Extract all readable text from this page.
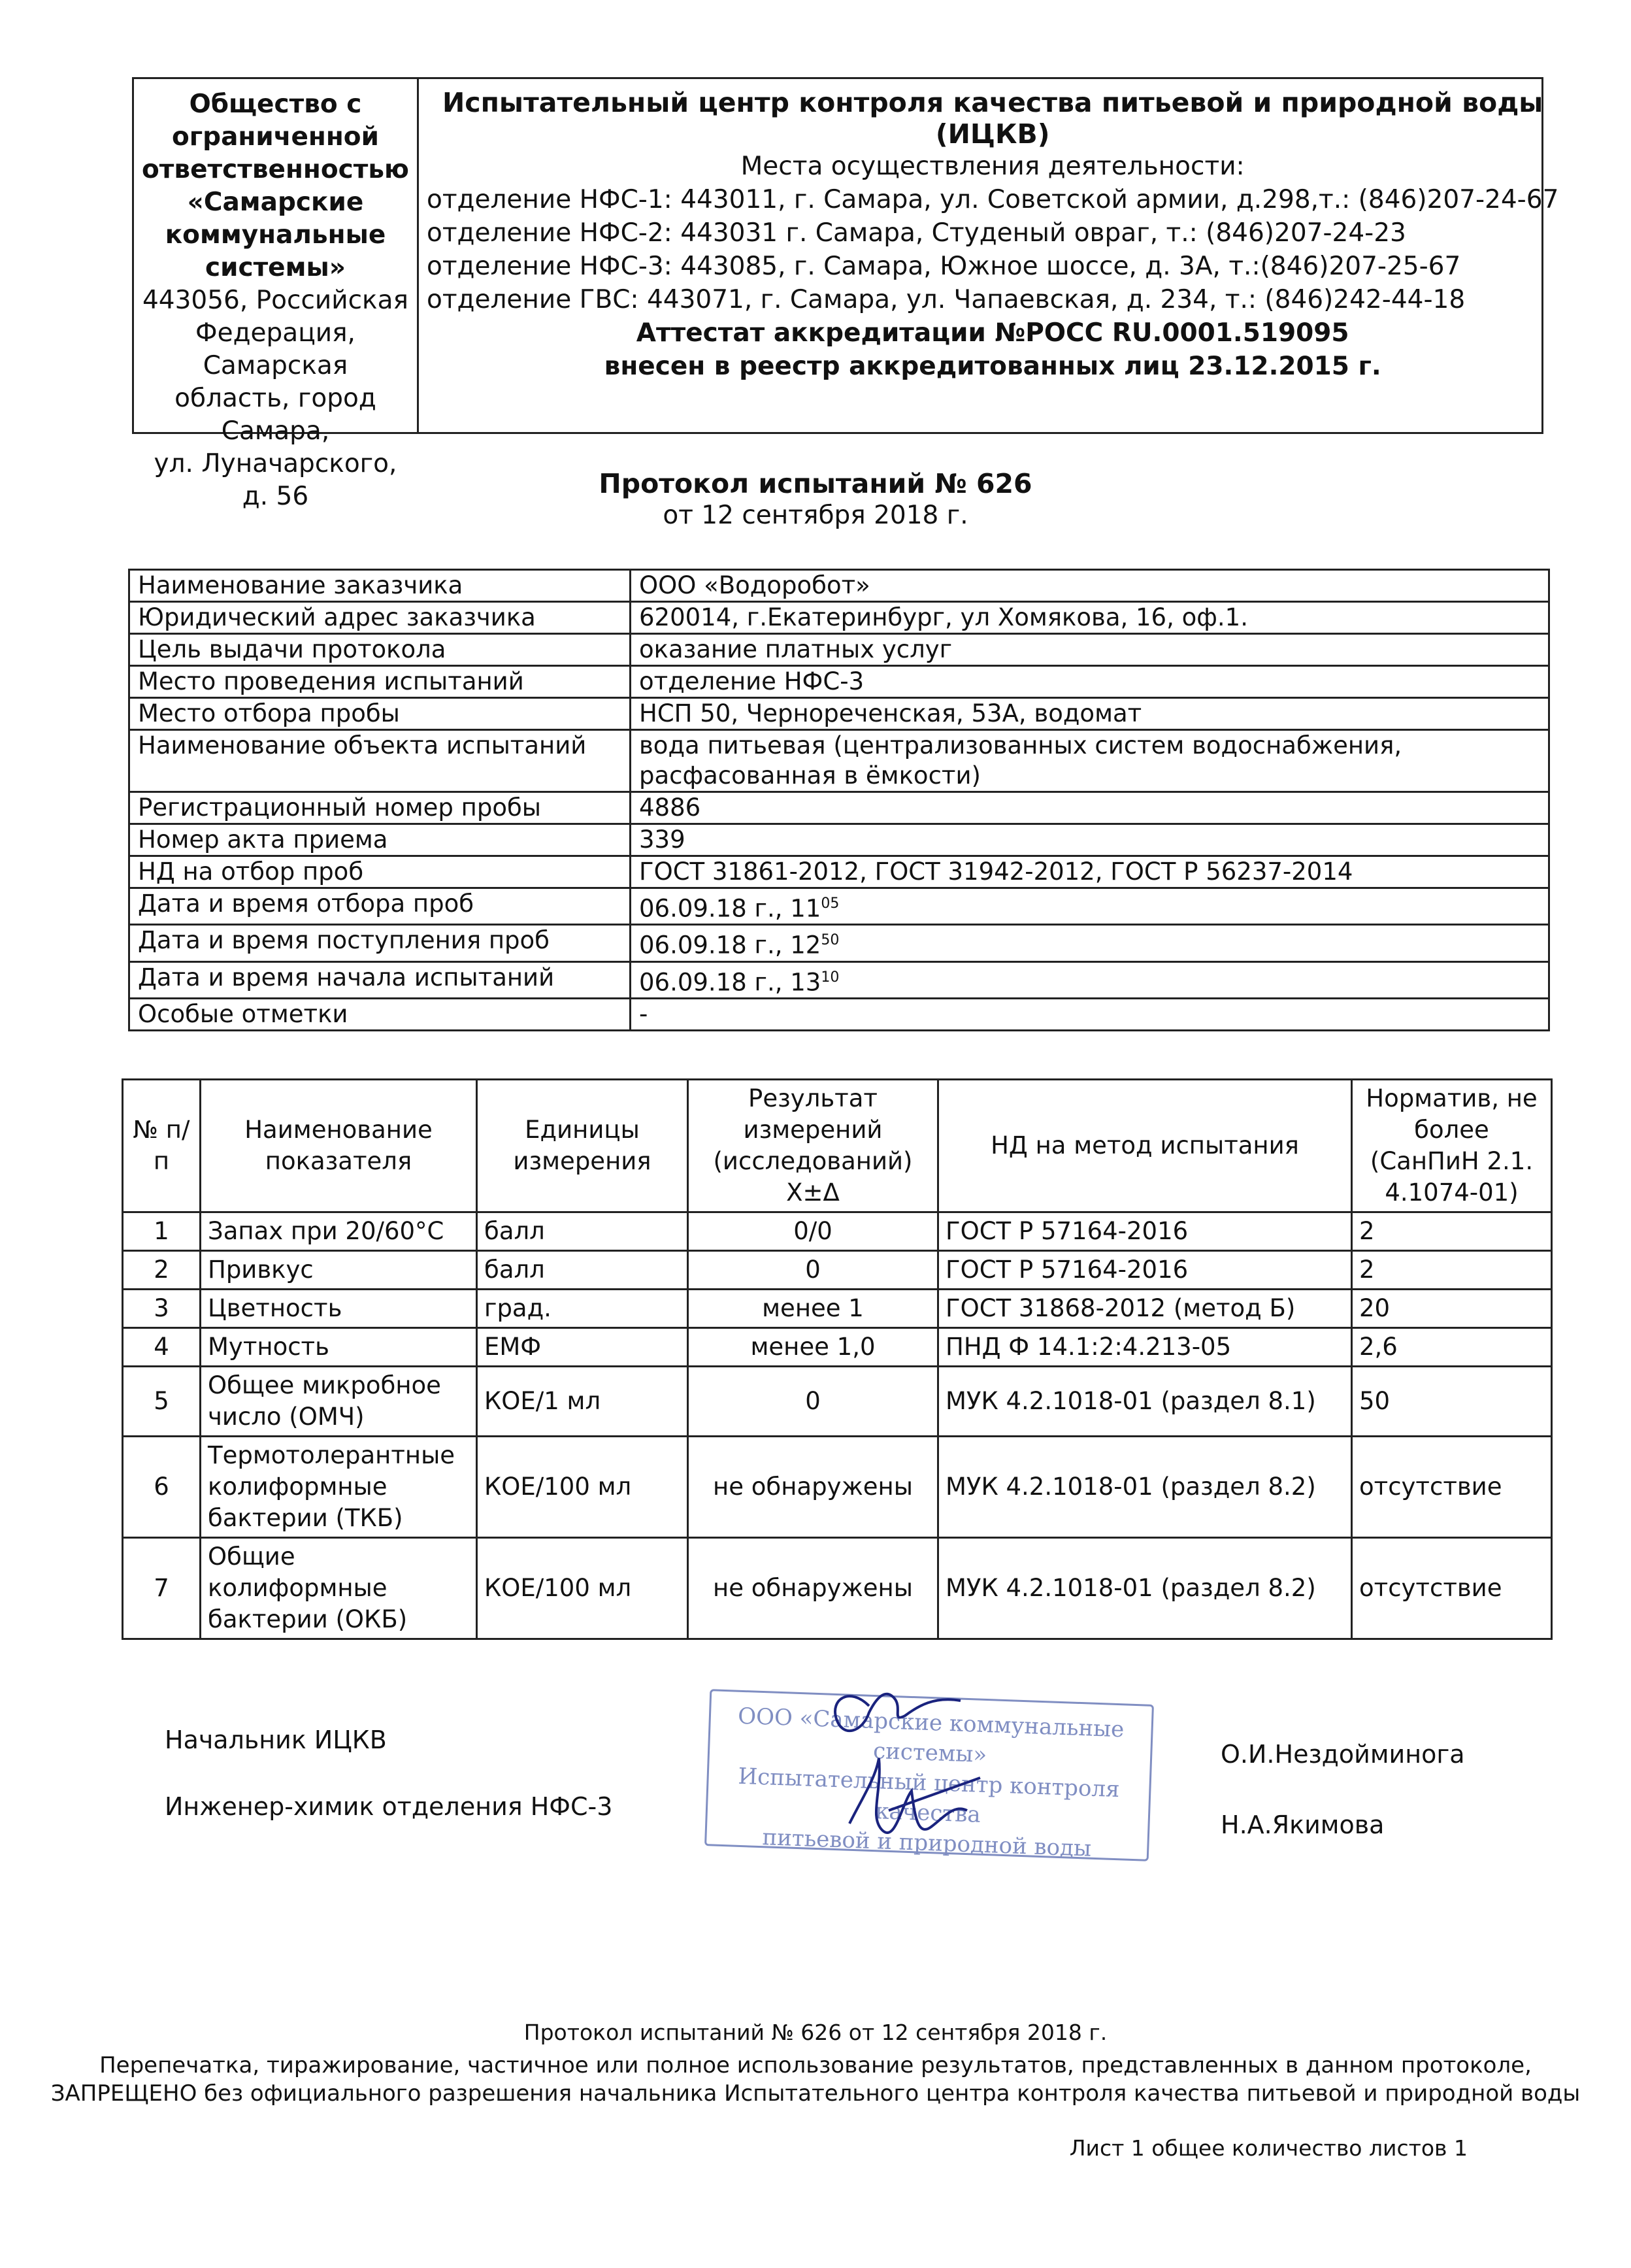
Общество с
ограниченной
ответственностью
«Самарские
коммунальные
системы»
443056, Российская
Федерация, Самарская
область, город Самара,
ул. Луначарского, д. 56
Испытательный центр контроля качества питьевой и природной воды (ИЦКВ)
Места осуществления деятельности:
отделение НФС-1: 443011, г. Самара, ул. Советской армии, д.298,т.: (846)207-24-67
отделение НФС-2: 443031 г. Самара, Студеный овраг, т.: (846)207-24-23
отделение НФС-3: 443085, г. Самара, Южное шоссе, д. 3А, т.:(846)207-25-67
отделение ГВС: 443071, г. Самара, ул. Чапаевская, д. 234, т.: (846)242-44-18
Аттестат аккредитации №РОСС RU.0001.519095
внесен в реестр аккредитованных лиц 23.12.2015 г.
Протокол испытаний № 626
от 12 сентября 2018 г.
Наименование заказчика	ООО «Водоробот»
Юридический адрес заказчика	620014, г.Екатеринбург, ул Хомякова, 16, оф.1.
Цель выдачи протокола	оказание платных услуг
Место проведения испытаний	отделение НФС-3
Место отбора пробы	НСП 50, Чернореченская, 53А, водомат
Наименование объекта испытаний	вода питьевая (централизованных систем водоснабжения, расфасованная в ёмкости)
Регистрационный номер пробы	4886
Номер акта приема	339
НД на отбор проб	ГОСТ 31861-2012, ГОСТ 31942-2012, ГОСТ Р 56237-2014
Дата и время отбора проб	06.09.18 г., $11^{05}$
Дата и время поступления проб	06.09.18 г., $12^{50}$
Дата и время начала испытаний	06.09.18 г., $13^{10}$
Особые отметки	-
№ п/п	Наименование показателя	Единицы измерения	Результат измерений (исследований) X±Δ	НД на метод испытания	Норматив, не более (СанПиН 2.1. 4.1074-01)
1	Запах при 20/60°С	балл	0/0	ГОСТ Р 57164-2016	2
2	Привкус	балл	0	ГОСТ Р 57164-2016	2
3	Цветность	град.	менее 1	ГОСТ 31868-2012 (метод Б)	20
4	Мутность	ЕМФ	менее 1,0	ПНД Ф 14.1:2:4.213-05	2,6
5	Общее микробное число (ОМЧ)	КОЕ/1 мл	0	МУК 4.2.1018-01 (раздел 8.1)	50
6	Термотолерантные колиформные бактерии (ТКБ)	КОЕ/100 мл	не обнаружены	МУК 4.2.1018-01 (раздел 8.2)	отсутствие
7	Общие колиформные бактерии (ОКБ)	КОЕ/100 мл	не обнаружены	МУК 4.2.1018-01 (раздел 8.2)	отсутствие
Начальник ИЦКВ
Инженер-химик отделения НФС-3
О.И.Нездойминога
Н.А.Якимова
ООО «Самарские коммунальные системы»
Испытательный центр контроля качества
питьевой и природной воды
Протокол испытаний № 626 от 12 сентября 2018 г.
Перепечатка, тиражирование, частичное или полное использование результатов, представленных в данном протоколе,
ЗАПРЕЩЕНО без официального разрешения начальника Испытательного центра контроля качества питьевой и природной воды
Лист 1 общее количество листов 1
